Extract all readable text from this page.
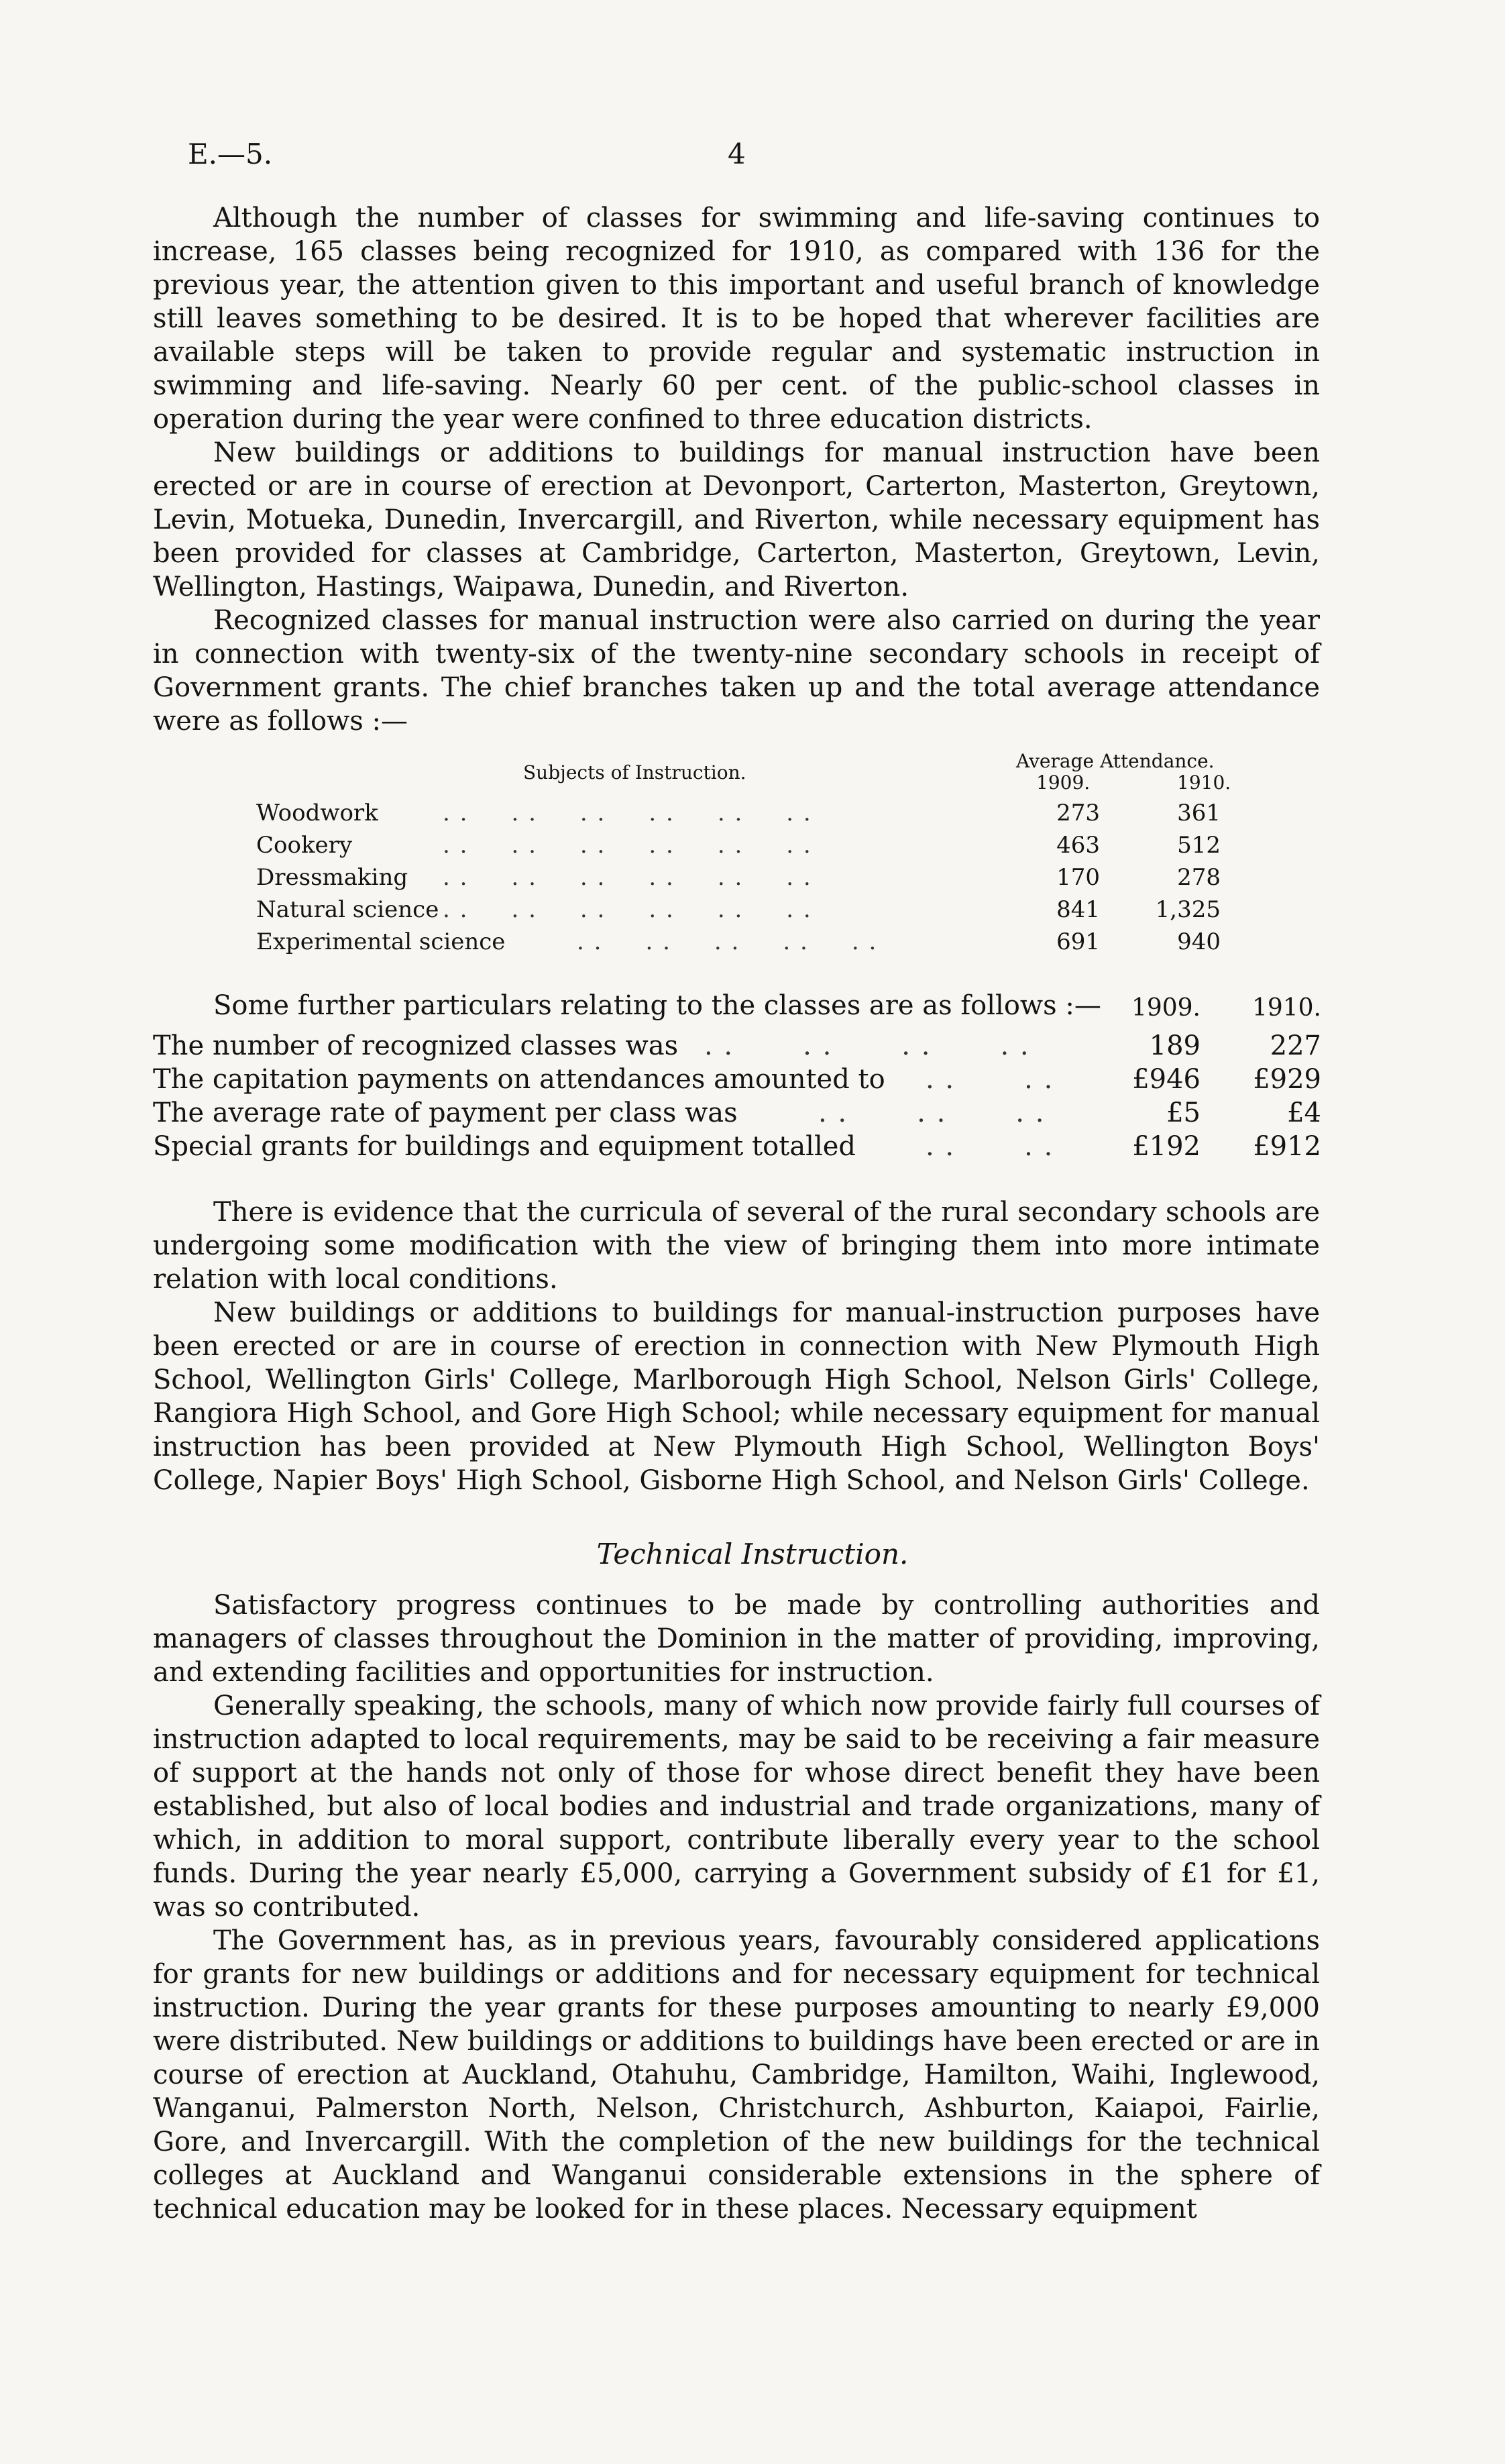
E.—5.	4

Although the number of classes for swimming and life-saving continues to increase, 165 classes being recognized for 1910, as compared with 136 for the previous year, the attention given to this important and useful branch of knowledge still leaves something to be desired. It is to be hoped that wherever facilities are available steps will be taken to provide regular and systematic instruction in swimming and life-saving. Nearly 60 per cent. of the public-school classes in operation during the year were confined to three education districts.

New buildings or additions to buildings for manual instruction have been erected or are in course of erection at Devonport, Carterton, Masterton, Greytown, Levin, Motueka, Dunedin, Invercargill, and Riverton, while necessary equipment has been provided for classes at Cambridge, Carterton, Masterton, Greytown, Levin, Wellington, Hastings, Waipawa, Dunedin, and Riverton.

Recognized classes for manual instruction were also carried on during the year in connection with twenty-six of the twenty-nine secondary schools in receipt of Government grants. The chief branches taken up and the total average attendance were as follows :—

Subjects of Instruction.
Average Attendance.
1909.	1910.
Woodwork	. .     . .     . .     . .     . .     . .	273	361
Cookery	. .     . .     . .     . .     . .     . .	463	512
Dressmaking . .     . .     . .     . .     . .     . .	170	278
Natural science . .     . .     . .     . .     . .     . .	841	1,325
Experimental science	. .     . .     . .     . .     . .	691	940
Some further particulars relating to the classes are as follows :—	1909.	1910.
The number of recognized classes was . .       . .       . .       . .	189	227
The capitation payments on attendances amounted to . .       . .	£946	£929
The average rate of payment per class was	. .       . .       . .	£5	£4
Special grants for buildings and equipment totalled	. .       . .	£192	£912

There is evidence that the curricula of several of the rural secondary schools are undergoing some modification with the view of bringing them into more intimate relation with local conditions.

New buildings or additions to buildings for manual-instruction purposes have been erected or are in course of erection in connection with New Plymouth High School, Wellington Girls' College, Marlborough High School, Nelson Girls' College, Rangiora High School, and Gore High School; while necessary equipment for manual instruction has been provided at New Plymouth High School, Wellington Boys' College, Napier Boys' High School, Gisborne High School, and Nelson Girls' College.

Technical Instruction.

Satisfactory progress continues to be made by controlling authorities and managers of classes throughout the Dominion in the matter of providing, improving, and extending facilities and opportunities for instruction.

Generally speaking, the schools, many of which now provide fairly full courses of instruction adapted to local requirements, may be said to be receiving a fair measure of support at the hands not only of those for whose direct benefit they have been established, but also of local bodies and industrial and trade organizations, many of which, in addition to moral support, contribute liberally every year to the school funds. During the year nearly £5,000, carrying a Government subsidy of £1 for £1, was so contributed.

The Government has, as in previous years, favourably considered applications for grants for new buildings or additions and for necessary equipment for technical instruction. During the year grants for these purposes amounting to nearly £9,000 were distributed. New buildings or additions to buildings have been erected or are in course of erection at Auckland, Otahuhu, Cambridge, Hamilton, Waihi, Inglewood, Wanganui, Palmerston North, Nelson, Christchurch, Ashburton, Kaiapoi, Fairlie, Gore, and Invercargill. With the completion of the new buildings for the technical colleges at Auckland and Wanganui considerable extensions in the sphere of technical education may be looked for in these places. Necessary equipment
